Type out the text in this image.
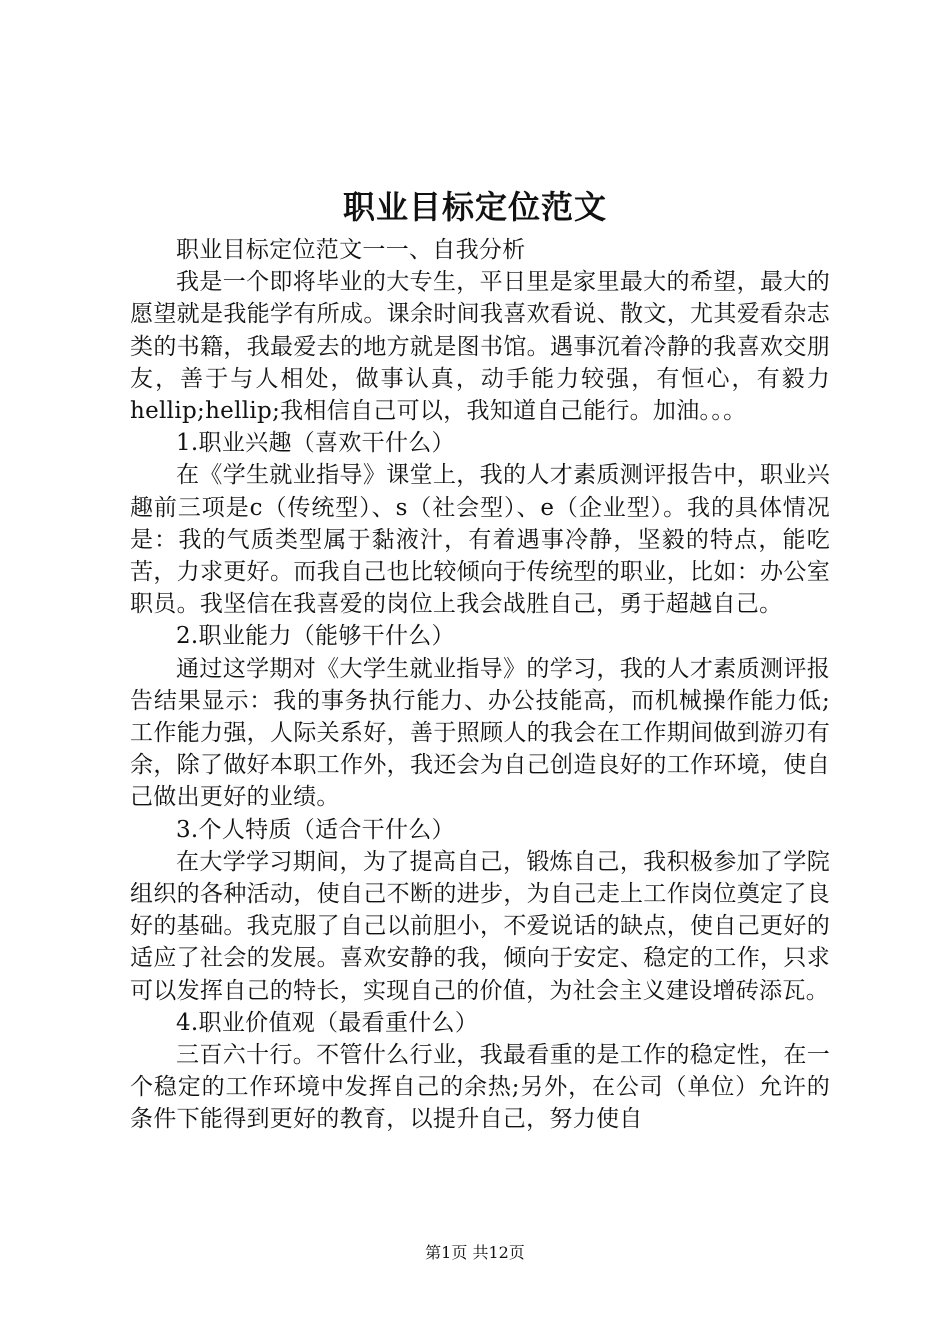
职业目标定位范文

职业目标定位范文一一、自我分析

我是一个即将毕业的大专生，平日里是家里最大的希望，最大的愿望就是我能学有所成。课余时间我喜欢看说、散文，尤其爱看杂志类的书籍，我最爱去的地方就是图书馆。遇事沉着冷静的我喜欢交朋友，善于与人相处，做事认真，动手能力较强，有恒心，有毅力hellip;hellip;我相信自己可以，我知道自己能行。加油。。。

1.职业兴趣（喜欢干什么）

在《学生就业指导》课堂上，我的人才素质测评报告中，职业兴趣前三项是c（传统型）、s（社会型）、e（企业型）。我的具体情况是：我的气质类型属于黏液汁，有着遇事冷静，坚毅的特点，能吃苦，力求更好。而我自己也比较倾向于传统型的职业，比如：办公室职员。我坚信在我喜爱的岗位上我会战胜自己，勇于超越自己。

2.职业能力（能够干什么）

通过这学期对《大学生就业指导》的学习，我的人才素质测评报告结果显示：我的事务执行能力、办公技能高，而机械操作能力低;工作能力强，人际关系好，善于照顾人的我会在工作期间做到游刃有余，除了做好本职工作外，我还会为自己创造良好的工作环境，使自己做出更好的业绩。

3.个人特质（适合干什么）

在大学学习期间，为了提高自己，锻炼自己，我积极参加了学院组织的各种活动，使自己不断的进步，为自己走上工作岗位奠定了良好的基础。我克服了自己以前胆小，不爱说话的缺点，使自己更好的适应了社会的发展。喜欢安静的我，倾向于安定、稳定的工作，只求可以发挥自己的特长，实现自己的价值，为社会主义建设增砖添瓦。

4.职业价值观（最看重什么）

三百六十行。不管什么行业，我最看重的是工作的稳定性，在一个稳定的工作环境中发挥自己的余热;另外，在公司（单位）允许的条件下能得到更好的教育，以提升自己，努力使自

第1页 共12页
